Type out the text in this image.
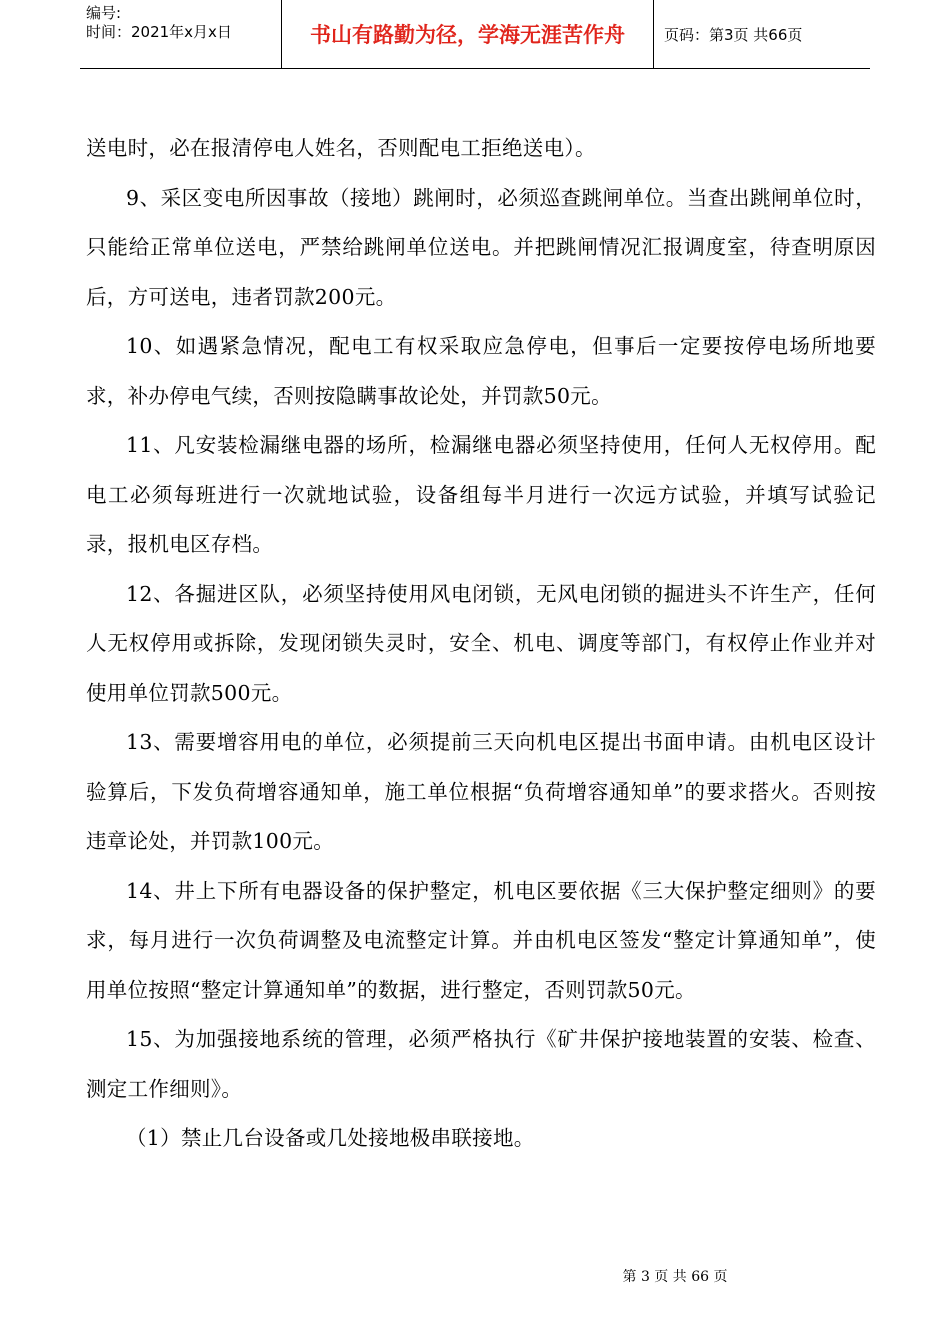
编号:
时间：2021年x月x日	书山有路勤为径，学海无涯苦作舟	页码：第3页 共66页

送电时，必在报清停电人姓名，否则配电工拒绝送电）。

9、采区变电所因事故（接地）跳闸时，必须巡查跳闸单位。当查出跳闸单位时，只能给正常单位送电，严禁给跳闸单位送电。并把跳闸情况汇报调度室，待查明原因后，方可送电，违者罚款200元。

10、如遇紧急情况，配电工有权采取应急停电，但事后一定要按停电场所地要求，补办停电气续，否则按隐瞒事故论处，并罚款50元。

11、凡安装检漏继电器的场所，检漏继电器必须坚持使用，任何人无权停用。配电工必须每班进行一次就地试验，设备组每半月进行一次远方试验，并填写试验记录，报机电区存档。

12、各掘进区队，必须坚持使用风电闭锁，无风电闭锁的掘进头不许生产，任何人无权停用或拆除，发现闭锁失灵时，安全、机电、调度等部门，有权停止作业并对使用单位罚款500元。

13、需要增容用电的单位，必须提前三天向机电区提出书面申请。由机电区设计验算后，下发负荷增容通知单，施工单位根据“负荷增容通知单”的要求搭火。否则按违章论处，并罚款100元。

14、井上下所有电器设备的保护整定，机电区要依据《三大保护整定细则》的要求，每月进行一次负荷调整及电流整定计算。并由机电区签发“整定计算通知单”，使用单位按照“整定计算通知单”的数据，进行整定，否则罚款50元。

15、为加强接地系统的管理，必须严格执行《矿井保护接地装置的安装、检查、测定工作细则》。

（1）禁止几台设备或几处接地极串联接地。

第 3 页 共 66 页
